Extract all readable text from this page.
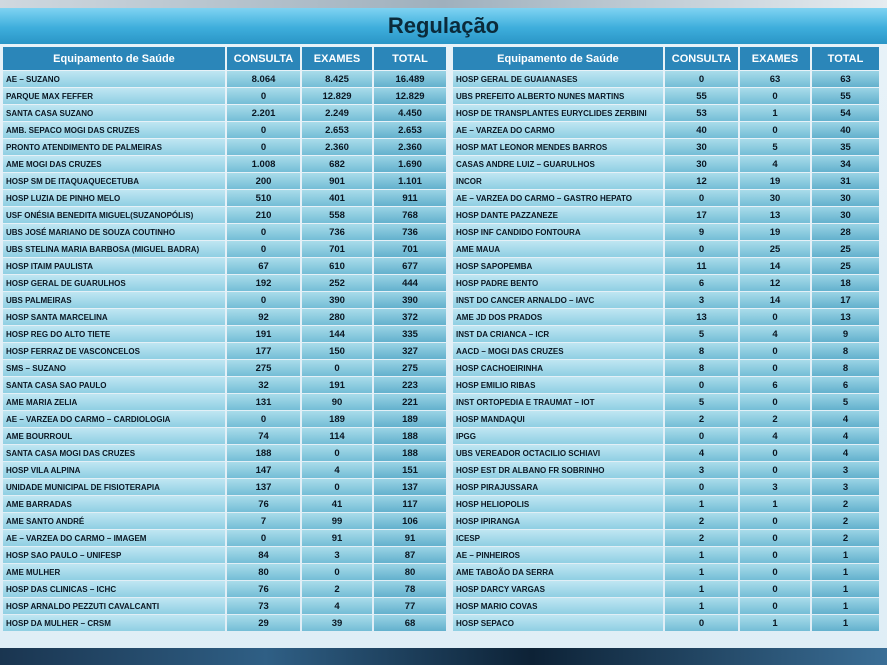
Regulação
Equipamento de Saúde	CONSULTA	EXAMES	TOTAL
AE – SUZANO	8.064	8.425	16.489
PARQUE MAX FEFFER	0	12.829	12.829
SANTA CASA SUZANO	2.201	2.249	4.450
AMB. SEPACO MOGI DAS CRUZES	0	2.653	2.653
PRONTO ATENDIMENTO DE PALMEIRAS	0	2.360	2.360
AME MOGI DAS CRUZES	1.008	682	1.690
HOSP SM DE ITAQUAQUECETUBA	200	901	1.101
HOSP LUZIA DE PINHO MELO	510	401	911
USF ONÉSIA BENEDITA MIGUEL(SUZANOPÓLIS)	210	558	768
UBS JOSÉ MARIANO DE SOUZA COUTINHO	0	736	736
UBS STELINA MARIA BARBOSA (MIGUEL BADRA)	0	701	701
HOSP ITAIM PAULISTA	67	610	677
HOSP GERAL DE GUARULHOS	192	252	444
UBS PALMEIRAS	0	390	390
HOSP SANTA MARCELINA	92	280	372
HOSP REG DO ALTO TIETE	191	144	335
HOSP FERRAZ DE VASCONCELOS	177	150	327
SMS – SUZANO	275	0	275
SANTA CASA SAO PAULO	32	191	223
AME MARIA ZELIA	131	90	221
AE – VARZEA DO CARMO – CARDIOLOGIA	0	189	189
AME BOURROUL	74	114	188
SANTA CASA MOGI DAS CRUZES	188	0	188
HOSP VILA ALPINA	147	4	151
UNIDADE MUNICIPAL DE FISIOTERAPIA	137	0	137
AME BARRADAS	76	41	117
AME SANTO ANDRÉ	7	99	106
AE – VARZEA DO CARMO – IMAGEM	0	91	91
HOSP SAO PAULO – UNIFESP	84	3	87
AME MULHER	80	0	80
HOSP DAS CLINICAS – ICHC	76	2	78
HOSP ARNALDO PEZZUTI CAVALCANTI	73	4	77
HOSP DA MULHER – CRSM	29	39	68
Equipamento de Saúde	CONSULTA	EXAMES	TOTAL
HOSP GERAL DE GUAIANASES	0	63	63
UBS PREFEITO ALBERTO NUNES MARTINS	55	0	55
HOSP DE TRANSPLANTES EURYCLIDES ZERBINI	53	1	54
AE – VARZEA DO CARMO	40	0	40
HOSP MAT LEONOR MENDES BARROS	30	5	35
CASAS ANDRE LUIZ – GUARULHOS	30	4	34
INCOR	12	19	31
AE – VARZEA DO CARMO – GASTRO HEPATO	0	30	30
HOSP DANTE PAZZANEZE	17	13	30
HOSP INF CANDIDO FONTOURA	9	19	28
AME MAUA	0	25	25
HOSP SAPOPEMBA	11	14	25
HOSP PADRE BENTO	6	12	18
INST DO CANCER ARNALDO – IAVC	3	14	17
AME JD DOS PRADOS	13	0	13
INST DA CRIANCA – ICR	5	4	9
AACD – MOGI DAS CRUZES	8	0	8
HOSP CACHOEIRINHA	8	0	8
HOSP EMILIO RIBAS	0	6	6
INST ORTOPEDIA E TRAUMAT – IOT	5	0	5
HOSP MANDAQUI	2	2	4
IPGG	0	4	4
UBS VEREADOR OCTACILIO SCHIAVI	4	0	4
HOSP EST DR ALBANO FR SOBRINHO	3	0	3
HOSP PIRAJUSSARA	0	3	3
HOSP HELIOPOLIS	1	1	2
HOSP IPIRANGA	2	0	2
ICESP	2	0	2
AE – PINHEIROS	1	0	1
AME TABOÃO DA SERRA	1	0	1
HOSP DARCY VARGAS	1	0	1
HOSP MARIO COVAS	1	0	1
HOSP SEPACO	0	1	1
